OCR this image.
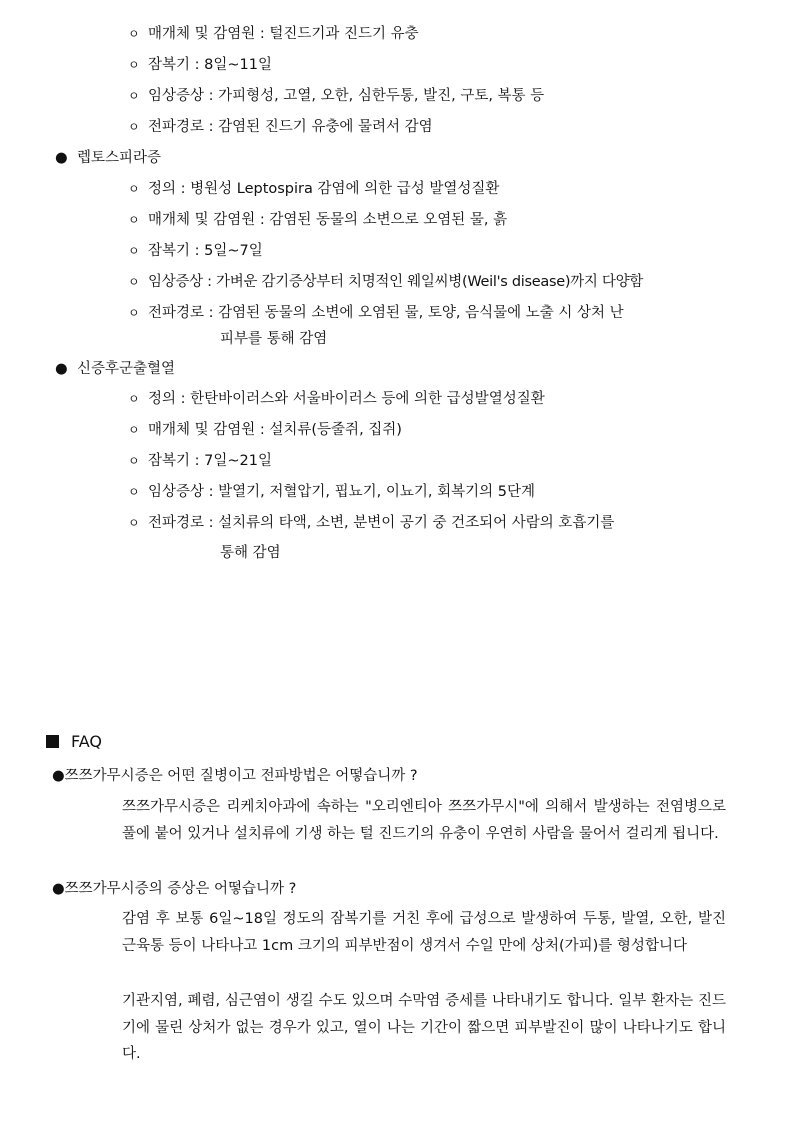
ㅇ 매개체 및 감염원 : 털진드기과 진드기 유충
ㅇ 잠복기 : 8일~11일
ㅇ 임상증상 : 가피형성, 고열, 오한, 심한두통, 발진, 구토, 복통 등
ㅇ 전파경로 : 감염된 진드기 유충에 물려서 감염
● 렙토스피라증
ㅇ 정의 : 병원성 Leptospira 감염에 의한 급성 발열성질환
ㅇ 매개체 및 감염원 : 감염된 동물의 소변으로 오염된 물, 흙
ㅇ 잠복기 : 5일~7일
ㅇ 임상증상 : 가벼운 감기증상부터 치명적인 웨일씨병(Weil's disease)까지 다양함
ㅇ 전파경로 : 감염된 동물의 소변에 오염된 물, 토양, 음식물에 노출 시 상처 난
피부를 통해 감염
● 신증후군출혈열
ㅇ 정의 : 한탄바이러스와 서울바이러스 등에 의한 급성발열성질환
ㅇ 매개체 및 감염원 : 설치류(등줄쥐, 집쥐)
ㅇ 잠복기 : 7일~21일
ㅇ 임상증상 : 발열기, 저혈압기, 핍뇨기, 이뇨기, 회복기의 5단계
ㅇ 전파경로 : 설치류의 타액, 소변, 분변이 공기 중 건조되어 사람의 호흡기를
통해 감염
FAQ
●쯔쯔가무시증은 어떤 질병이고 전파방법은 어떻습니까 ?
쯔쯔가무시증은 리케치아과에 속하는 "오리엔티아 쯔쯔가무시"에 의해서 발생하는 전염병으로 풀에 붙어 있거나 설치류에 기생 하는 털 진드기의 유충이 우연히 사람을 물어서 걸리게 됩니다.
●쯔쯔가무시증의 증상은 어떻습니까 ?
감염 후 보통 6일~18일 정도의 잠복기를 거친 후에 급성으로 발생하여 두통, 발열, 오한, 발진 근육통 등이 나타나고 1cm 크기의 피부반점이 생겨서 수일 만에 상처(가피)를 형성합니다
기관지염, 폐렴, 심근염이 생길 수도 있으며 수막염 증세를 나타내기도 합니다. 일부 환자는 진드기에 물린 상처가 없는 경우가 있고, 열이 나는 기간이 짧으면 피부발진이 많이 나타나기도 합니다.
